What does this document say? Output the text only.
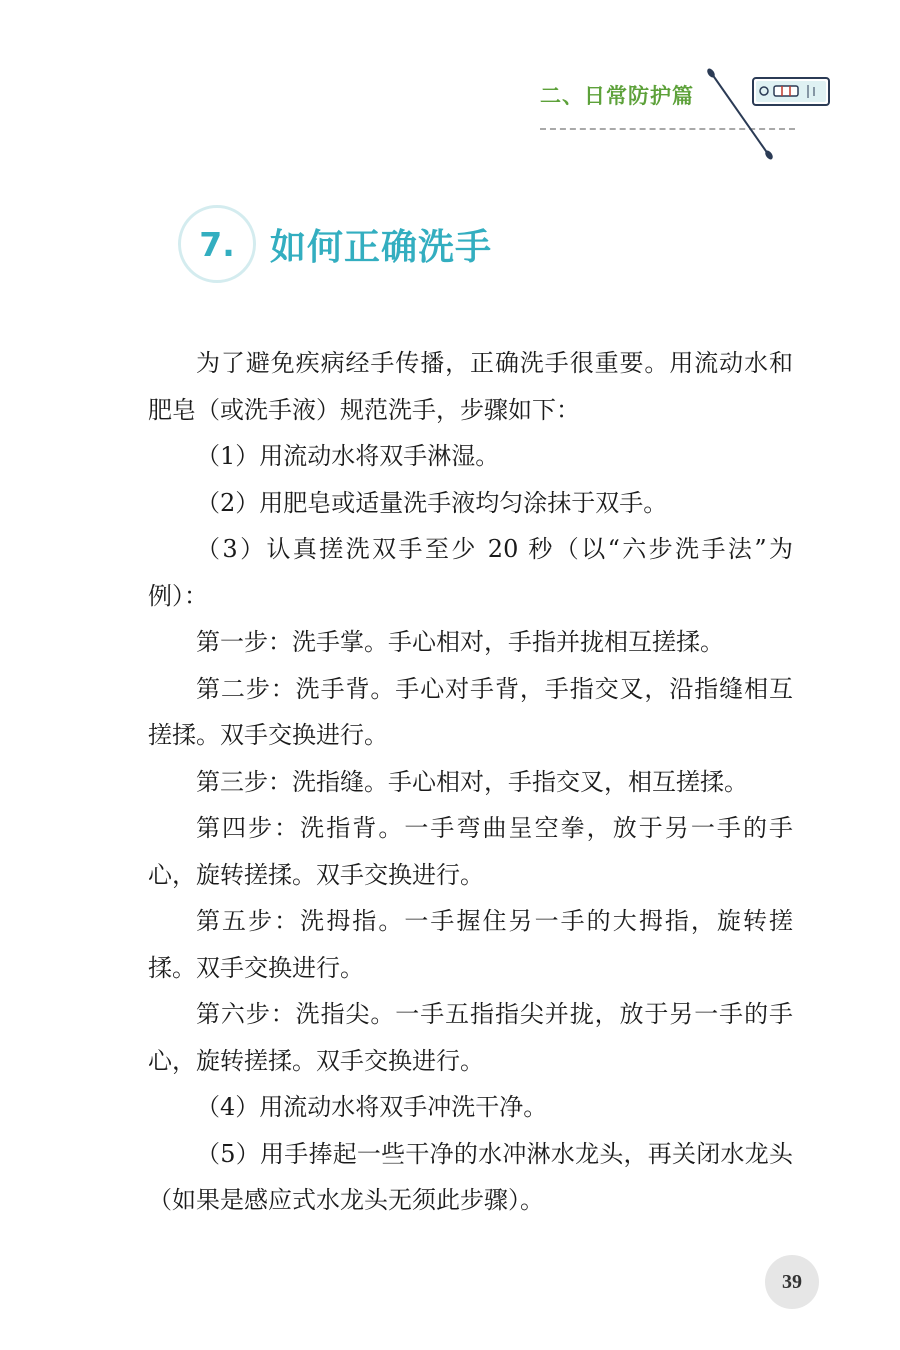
二、日常防护篇
7. 如何正确洗手

为了避免疾病经手传播，正确洗手很重要。用流动水和肥皂（或洗手液）规范洗手，步骤如下：

（1）用流动水将双手淋湿。

（2）用肥皂或适量洗手液均匀涂抹于双手。

（3）认真搓洗双手至少 20 秒（以“六步洗手法”为例）：

第一步：洗手掌。手心相对，手指并拢相互搓揉。

第二步：洗手背。手心对手背，手指交叉，沿指缝相互搓揉。双手交换进行。

第三步：洗指缝。手心相对，手指交叉，相互搓揉。

第四步：洗指背。一手弯曲呈空拳，放于另一手的手心，旋转搓揉。双手交换进行。

第五步：洗拇指。一手握住另一手的大拇指，旋转搓揉。双手交换进行。

第六步：洗指尖。一手五指指尖并拢，放于另一手的手心，旋转搓揉。双手交换进行。

（4）用流动水将双手冲洗干净。

（5）用手捧起一些干净的水冲淋水龙头，再关闭水龙头（如果是感应式水龙头无须此步骤）。

39
